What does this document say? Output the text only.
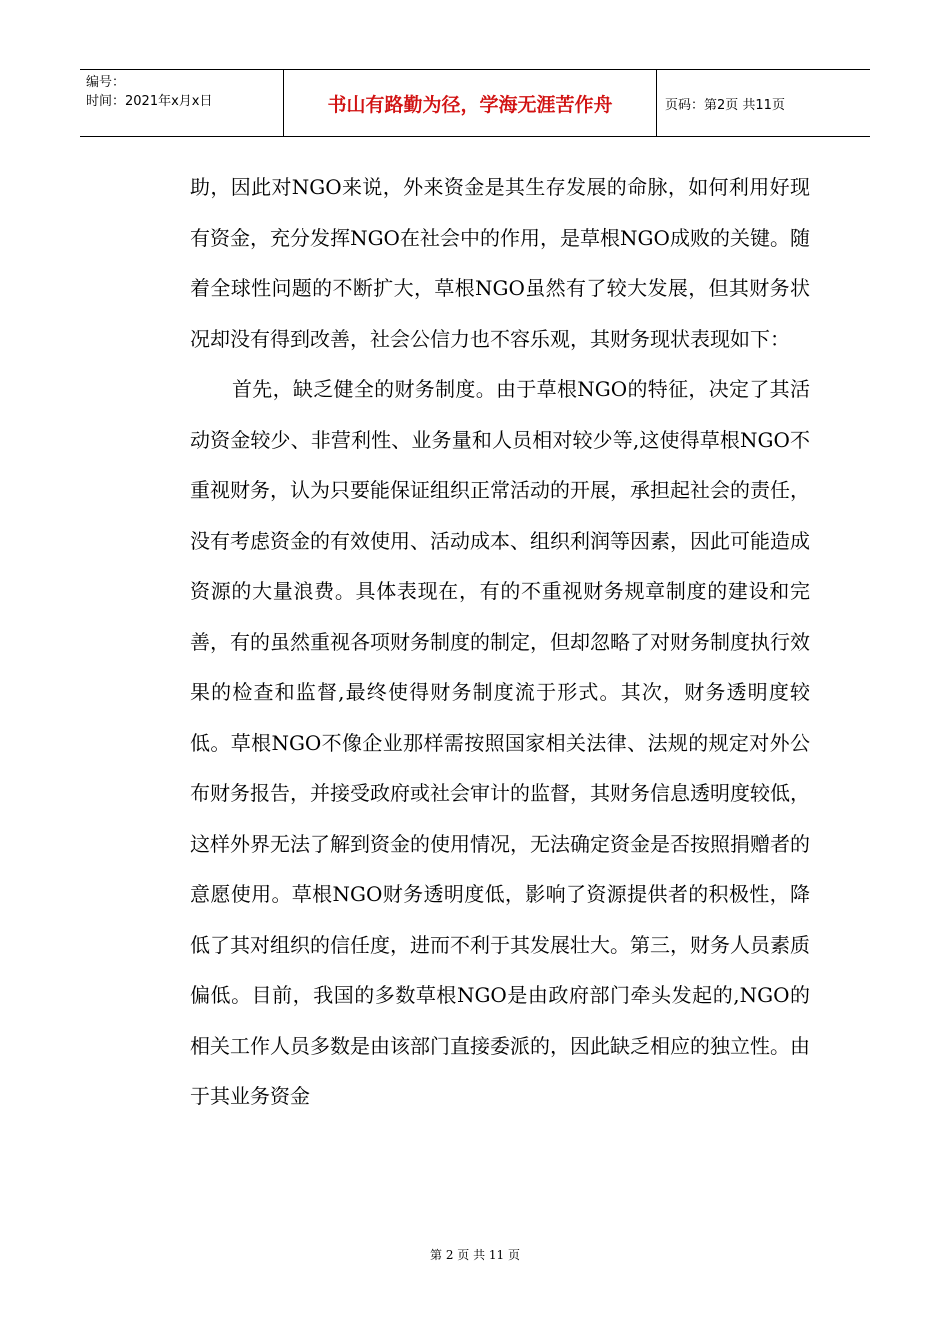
编号：
时间：2021年x月x日	书山有路勤为径，学海无涯苦作舟	页码：第2页 共11页

助，因此对NGO来说，外来资金是其生存发展的命脉，如何利用好现有资金，充分发挥NGO在社会中的作用，是草根NGO成败的关键。随着全球性问题的不断扩大，草根NGO虽然有了较大发展，但其财务状况却没有得到改善，社会公信力也不容乐观，其财务现状表现如下：

首先，缺乏健全的财务制度。由于草根NGO的特征，决定了其活动资金较少、非营利性、业务量和人员相对较少等,这使得草根NGO不重视财务，认为只要能保证组织正常活动的开展，承担起社会的责任，没有考虑资金的有效使用、活动成本、组织利润等因素，因此可能造成资源的大量浪费。具体表现在，有的不重视财务规章制度的建设和完善，有的虽然重视各项财务制度的制定，但却忽略了对财务制度执行效果的检查和监督,最终使得财务制度流于形式。其次，财务透明度较低。草根NGO不像企业那样需按照国家相关法律、法规的规定对外公布财务报告，并接受政府或社会审计的监督，其财务信息透明度较低，这样外界无法了解到资金的使用情况，无法确定资金是否按照捐赠者的意愿使用。草根NGO财务透明度低，影响了资源提供者的积极性，降低了其对组织的信任度，进而不利于其发展壮大。第三，财务人员素质偏低。目前，我国的多数草根NGO是由政府部门牵头发起的,NGO的相关工作人员多数是由该部门直接委派的，因此缺乏相应的独立性。由于其业务资金

第 2 页 共 11 页
